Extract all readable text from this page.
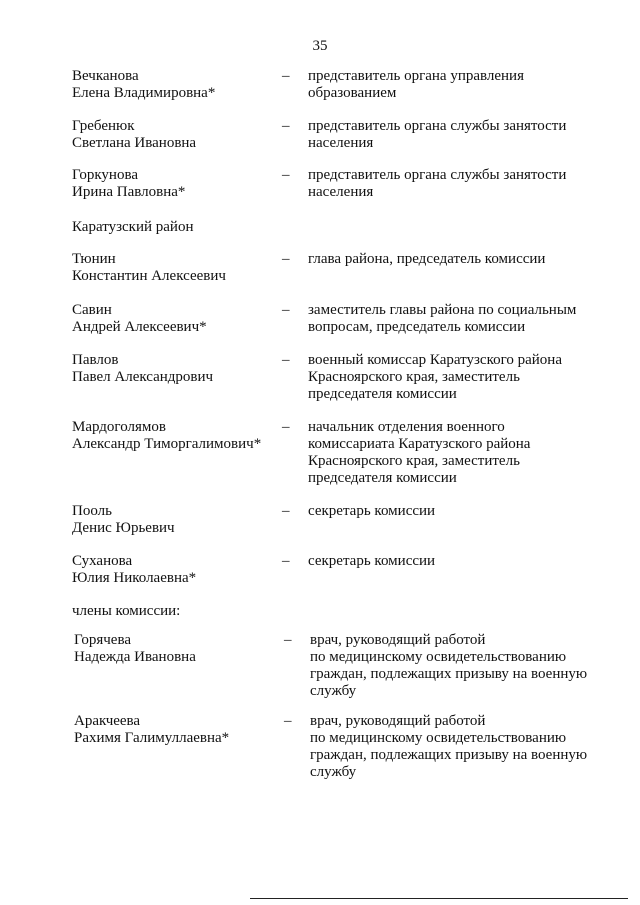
35
Вечканова
Елена Владимировна*
– представитель органа управления
образованием
Гребенюк
Светлана Ивановна
– представитель органа службы занятости
населения
Горкунова
Ирина Павловна*
– представитель органа службы занятости
населения
Каратузский район
Тюнин
Константин Алексеевич
– глава района, председатель комиссии
Савин
Андрей Алексеевич*
– заместитель главы района по социальным
вопросам, председатель комиссии
Павлов
Павел Александрович
– военный комиссар Каратузского района
Красноярского края, заместитель
председателя комиссии
Мардоголямов
Александр Тиморгалимович*
– начальник отделения военного
комиссариата Каратузского района
Красноярского края, заместитель
председателя комиссии
Пооль
Денис Юрьевич
– секретарь комиссии
Суханова
Юлия Николаевна*
– секретарь комиссии
члены комиссии:
Горячева
Надежда Ивановна
– врач, руководящий работой
по медицинскому освидетельствованию
граждан, подлежащих призыву на военную
службу
Аракчеева
Рахимя Галимуллаевна*
– врач, руководящий работой
по медицинскому освидетельствованию
граждан, подлежащих призыву на военную
службу
